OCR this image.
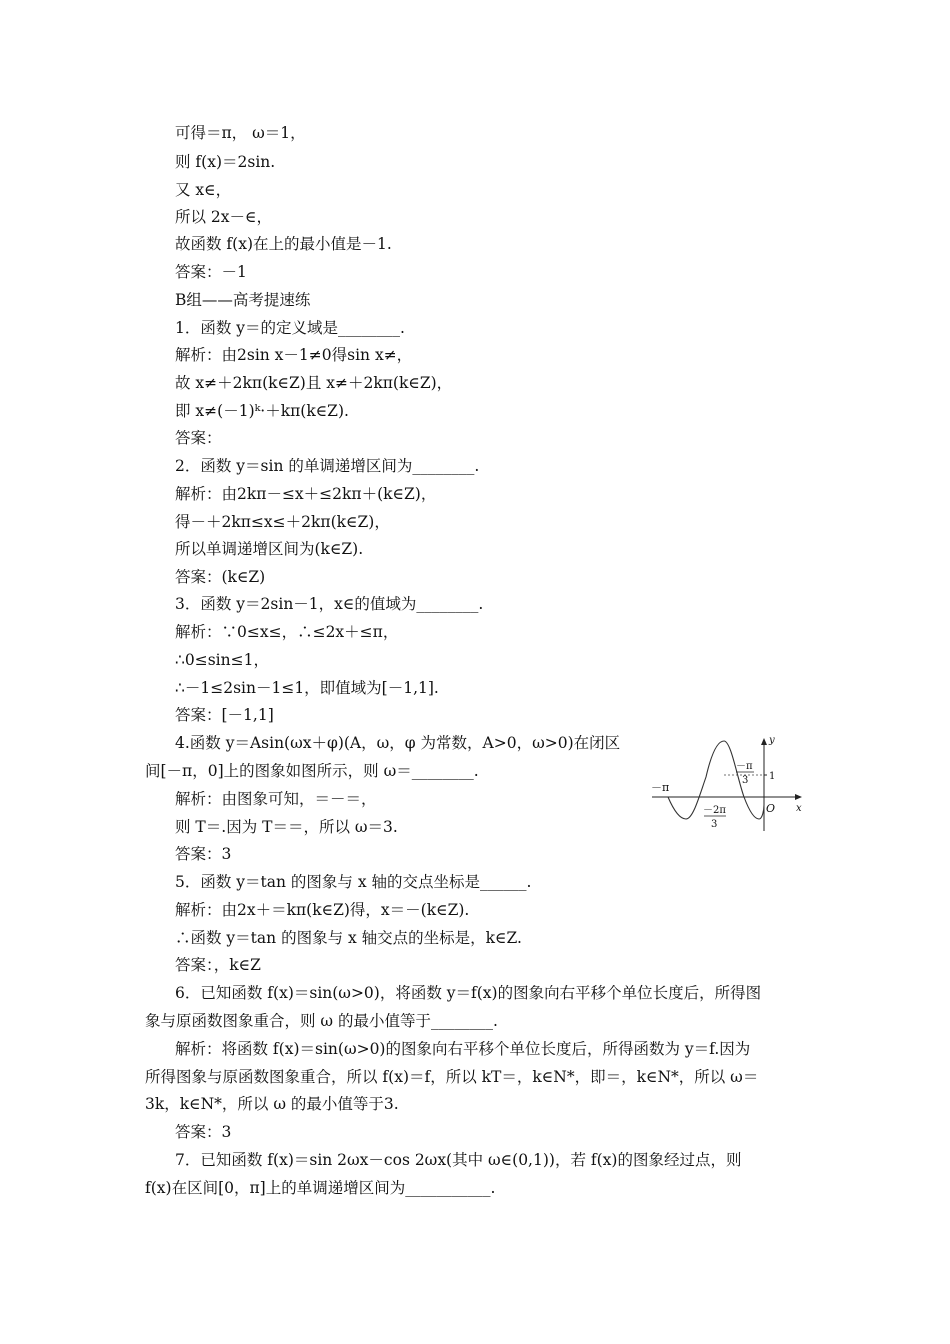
可得＝π， ω＝1，
则 f(x)＝2sin.
又 x∈，
所以 2x－∈，
故函数 f(x)在上的最小值是－1.
答案：－1
B组——高考提速练
1．函数 y＝的定义域是________.
解析：由2sin x－1≠0得sin x≠，
故 x≠＋2kπ(k∈Z)且 x≠＋2kπ(k∈Z)，
即 x≠(－1)ᵏ·＋kπ(k∈Z).
答案：
2．函数 y＝sin 的单调递增区间为________.
解析：由2kπ－≤x＋≤2kπ＋(k∈Z)，
得－＋2kπ≤x≤＋2kπ(k∈Z)，
所以单调递增区间为(k∈Z).
答案：(k∈Z)
3．函数 y＝2sin－1，x∈的值域为________.
解析：∵0≤x≤，∴≤2x＋≤π，
∴0≤sin≤1，
∴－1≤2sin－1≤1，即值域为[－1,1].
答案：[－1,1]
4.函数 y＝Asin(ωx＋φ)(A，ω，φ 为常数，A>0，ω>0)在闭区
间[－π，0]上的图象如图所示，则 ω＝________.
解析：由图象可知，＝－＝，
则 T＝.因为 T＝＝，所以 ω＝3.
答案：3
5．函数 y＝tan 的图象与 x 轴的交点坐标是______.
解析：由2x＋＝kπ(k∈Z)得，x＝－(k∈Z).
∴函数 y＝tan 的图象与 x 轴交点的坐标是，k∈Z.
答案：，k∈Z
6．已知函数 f(x)＝sin(ω>0)，将函数 y＝f(x)的图象向右平移个单位长度后，所得图
象与原函数图象重合，则 ω 的最小值等于________.
解析：将函数 f(x)＝sin(ω>0)的图象向右平移个单位长度后，所得函数为 y＝f.因为
所得图象与原函数图象重合，所以 f(x)＝f，所以 kT＝，k∈N*，即＝，k∈N*，所以 ω＝
3k，k∈N*，所以 ω 的最小值等于3.
答案：3
7．已知函数 f(x)＝sin 2ωx－cos 2ωx(其中 ω∈(0,1))，若 f(x)的图象经过点，则
f(x)在区间[0，π]上的单调递增区间为___________.
y
x
O
－π
－2π
3
－π
3 1
